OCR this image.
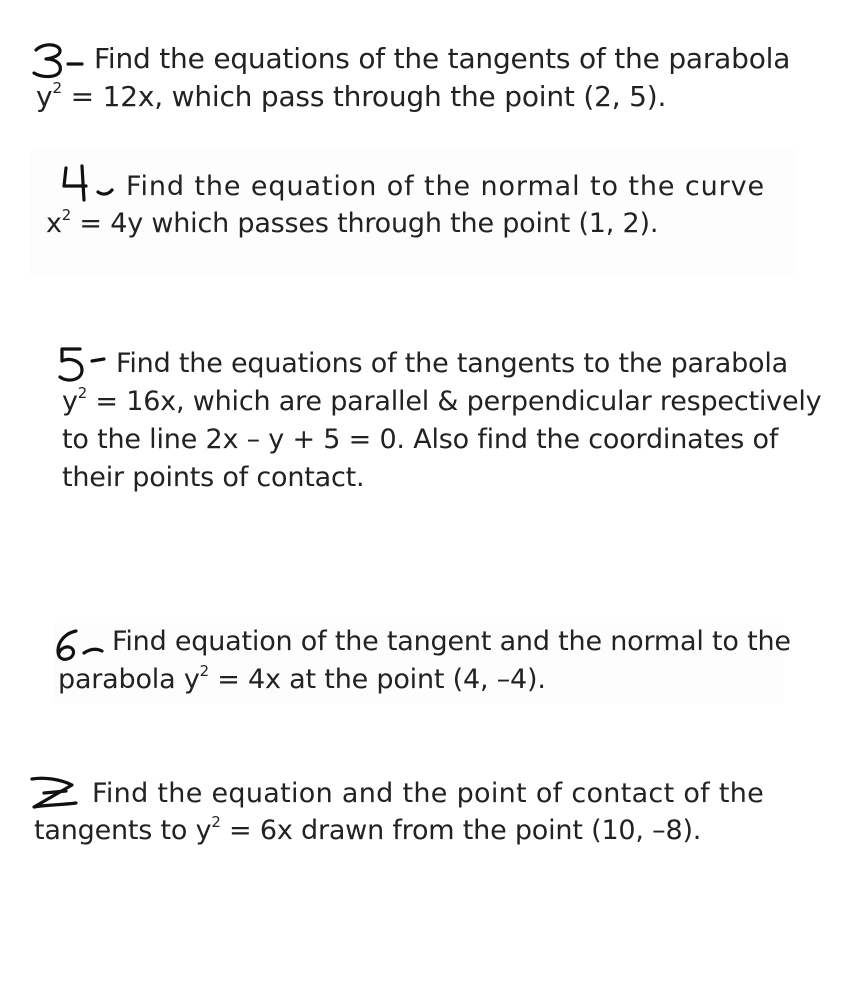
Find the equations of the tangents of the parabola
$y^2 = 12x$, which pass through the point (2, 5).
Find the equation of the normal to the curve
$x^2 = 4y$ which passes through the point (1, 2).
Find the equations of the tangents to the parabola
$y^2 = 16x$, which are parallel & perpendicular respectively
to the line 2x – y + 5 = 0. Also find the coordinates of
their points of contact.
Find equation of the tangent and the normal to the
parabola $y^2 = 4x$ at the point (4, –4).
Find the equation and the point of contact of the
tangents to $y^2 = 6x$ drawn from the point (10, –8).
